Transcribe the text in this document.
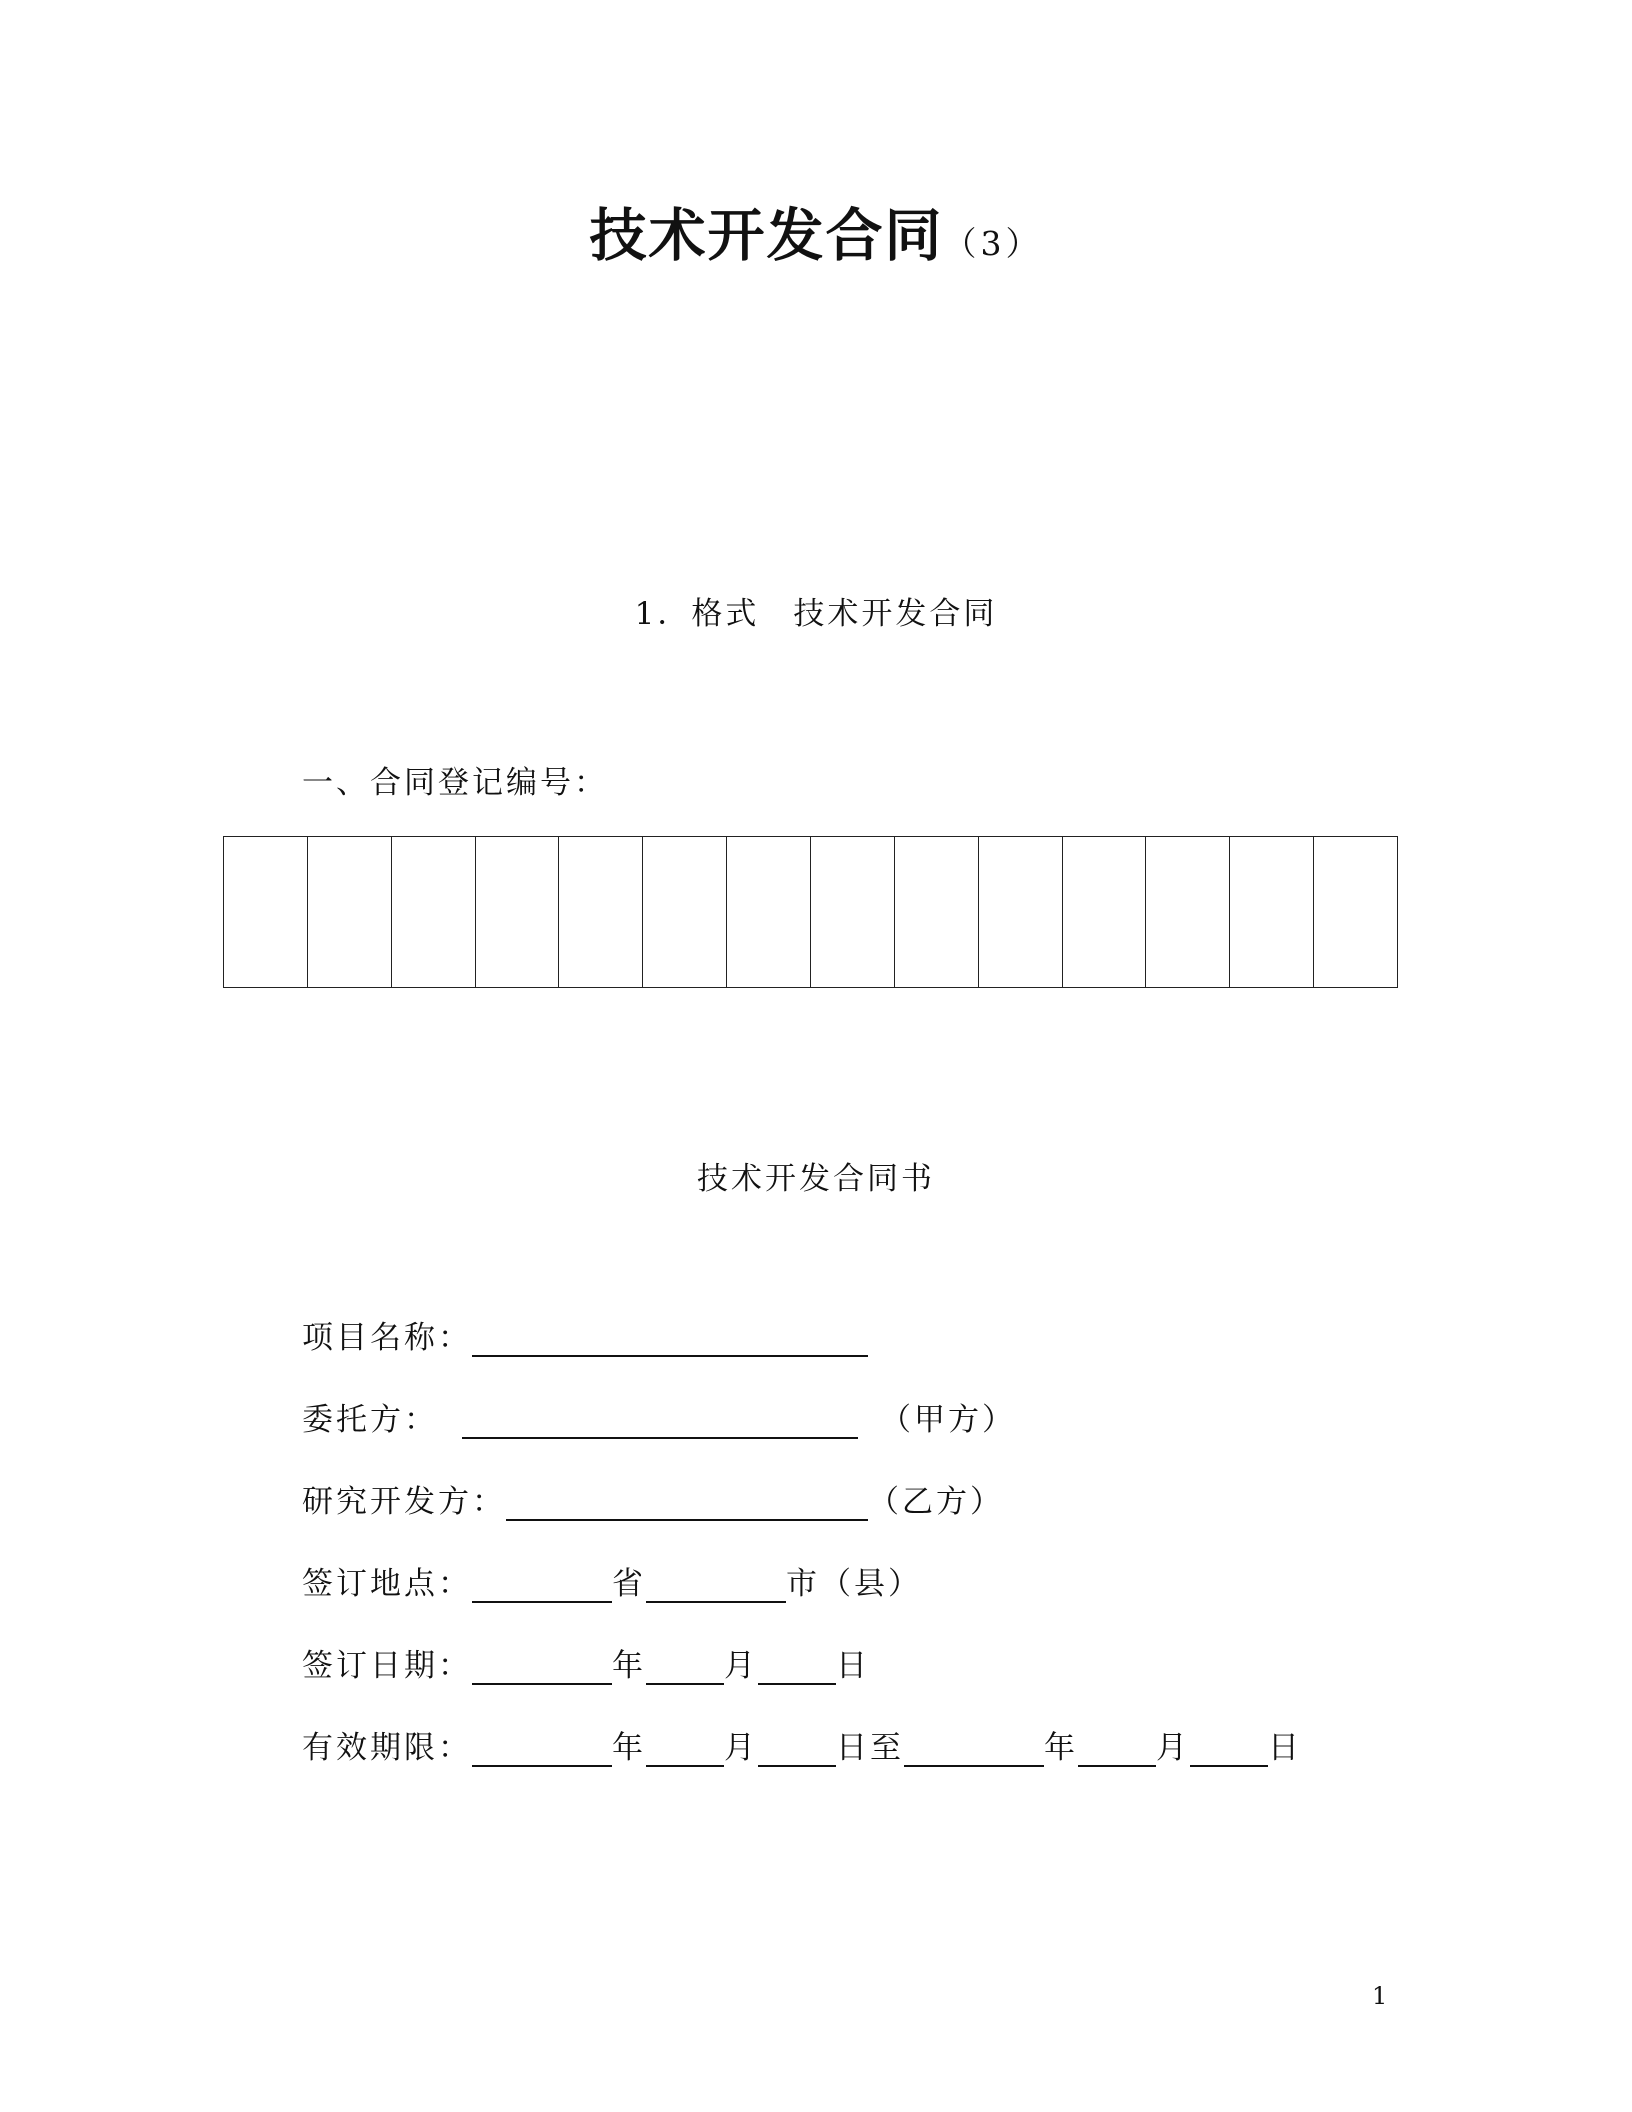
技术开发合同（3）
1．格式　技术开发合同
一、合同登记编号：
技术开发合同书
项目名称：
委托方：	（甲方）
研究开发方：	（乙方）
签订地点：	省	市（县）
签订日期：	年	月	日
有效期限：	年	月	日至	年	月	日
1
